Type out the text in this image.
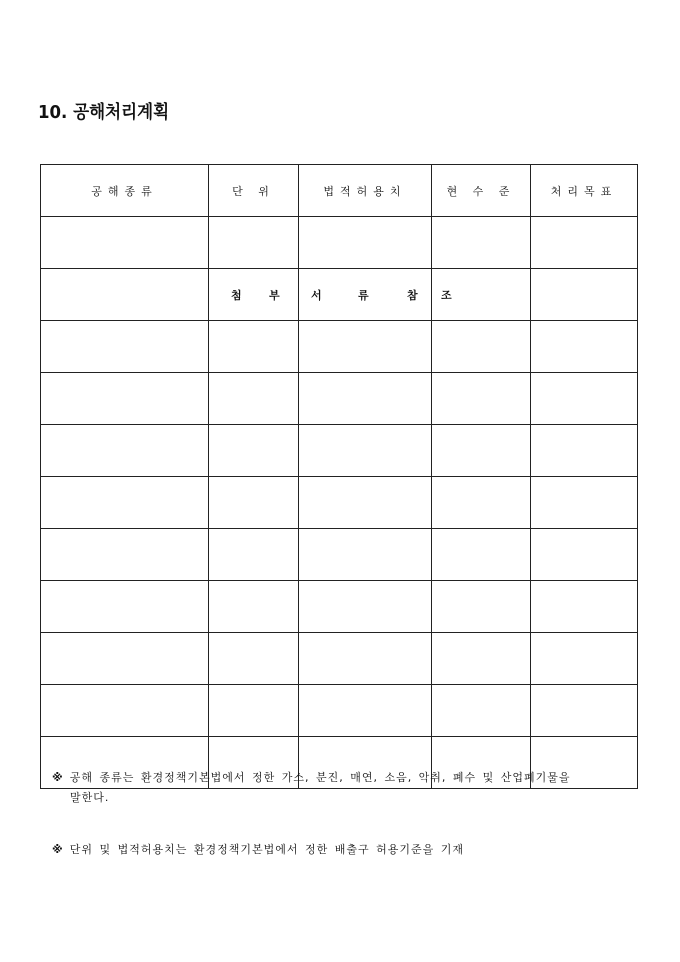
10. 공해처리계획
공해종류	단 위	법적허용치	현 수 준	처리목표

	첨 부	서 류 참	조	

※ 공해 종류는 환경정책기본법에서 정한 가스, 분진, 매연, 소음, 악취, 폐수 및 산업폐기물을
말한다.
※ 단위 및 법적허용치는 환경정책기본법에서 정한 배출구 허용기준을 기재
